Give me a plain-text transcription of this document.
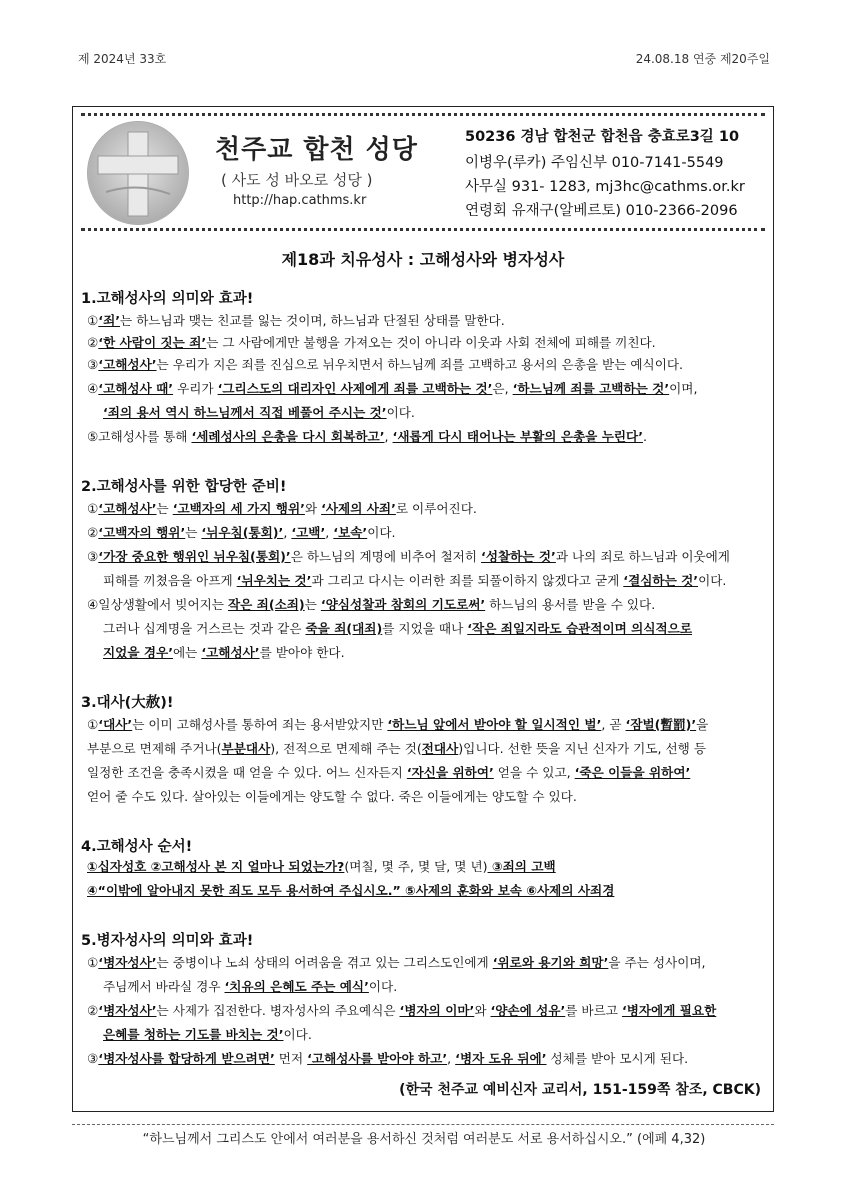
제 2024년 33호	24.08.18 연중 제20주일
천주교 합천 성당
( 사도 성 바오로 성당 )
http://hap.cathms.kr
50236 경남 합천군 합천읍 충효로3길 10
이병우(루카) 주임신부 010-7141-5549
사무실 931- 1283, mj3hc@cathms.or.kr
연령회 유재구(알베르토) 010-2366-2096
제18과 치유성사 : 고해성사와 병자성사
1.고해성사의 의미와 효과!
①‘죄’는 하느님과 맺는 친교를 잃는 것이며, 하느님과 단절된 상태를 말한다.
②‘한 사람이 짓는 죄’는 그 사람에게만 불행을 가져오는 것이 아니라 이웃과 사회 전체에 피해를 끼친다.
③‘고해성사’는 우리가 지은 죄를 진심으로 뉘우치면서 하느님께 죄를 고백하고 용서의 은총을 받는 예식이다.
④‘고해성사 때’ 우리가 ‘그리스도의 대리자인 사제에게 죄를 고백하는 것’은, ‘하느님께 죄를 고백하는 것’이며,
‘죄의 용서 역시 하느님께서 직접 베풀어 주시는 것’이다.
⑤고해성사를 통해 ‘세례성사의 은총을 다시 회복하고’, ‘새롭게 다시 태어나는 부활의 은총을 누린다’.
2.고해성사를 위한 합당한 준비!
①‘고해성사’는 ‘고백자의 세 가지 행위’와 ‘사제의 사죄’로 이루어진다.
②‘고백자의 행위’는 ‘뉘우침(통회)’, ‘고백’, ‘보속’이다.
③‘가장 중요한 행위인 뉘우침(통회)’은 하느님의 계명에 비추어 철저히 ‘성찰하는 것’과 나의 죄로 하느님과 이웃에게
피해를 끼쳤음을 아프게 ‘뉘우치는 것’과 그리고 다시는 이러한 죄를 되풀이하지 않겠다고 굳게 ‘결심하는 것’이다.
④일상생활에서 빚어지는 작은 죄(소죄)는 ‘양심성찰과 참회의 기도로써’ 하느님의 용서를 받을 수 있다.
그러나 십계명을 거스르는 것과 같은 죽을 죄(대죄)를 지었을 때나 ‘작은 죄일지라도 습관적이며 의식적으로
지었을 경우’에는 ‘고해성사’를 받아야 한다.
3.대사(大赦)!
①‘대사’는 이미 고해성사를 통하여 죄는 용서받았지만 ‘하느님 앞에서 받아야 할 일시적인 벌’, 곧 ‘잠벌(暫罰)’을
부분으로 면제해 주거나(부분대사), 전적으로 면제해 주는 것(전대사)입니다. 선한 뜻을 지닌 신자가 기도, 선행 등
일정한 조건을 충족시켰을 때 얻을 수 있다. 어느 신자든지 ‘자신을 위하여’ 얻을 수 있고, ‘죽은 이들을 위하여’
얻어 줄 수도 있다. 살아있는 이들에게는 양도할 수 없다. 죽은 이들에게는 양도할 수 있다.
4.고해성사 순서!
①십자성호 ②고해성사 본 지 얼마나 되었는가?(며칠, 몇 주, 몇 달, 몇 년) ③죄의 고백
④“이밖에 알아내지 못한 죄도 모두 용서하여 주십시오.” ⑤사제의 훈화와 보속 ⑥사제의 사죄경
5.병자성사의 의미와 효과!
①‘병자성사’는 중병이나 노쇠 상태의 어려움을 겪고 있는 그리스도인에게 ‘위로와 용기와 희망’을 주는 성사이며,
주님께서 바라실 경우 ‘치유의 은혜도 주는 예식’이다.
②‘병자성사’는 사제가 집전한다. 병자성사의 주요예식은 ‘병자의 이마’와 ‘양손에 성유’를 바르고 ‘병자에게 필요한
은혜를 청하는 기도를 바치는 것’이다.
③‘병자성사를 합당하게 받으려면’ 먼저 ‘고해성사를 받아야 하고’, ‘병자 도유 뒤에’ 성체를 받아 모시게 된다.
(한국 천주교 예비신자 교리서, 151-159쪽 참조, CBCK)
“하느님께서 그리스도 안에서 여러분을 용서하신 것처럼 여러분도 서로 용서하십시오.” (에페 4,32)
